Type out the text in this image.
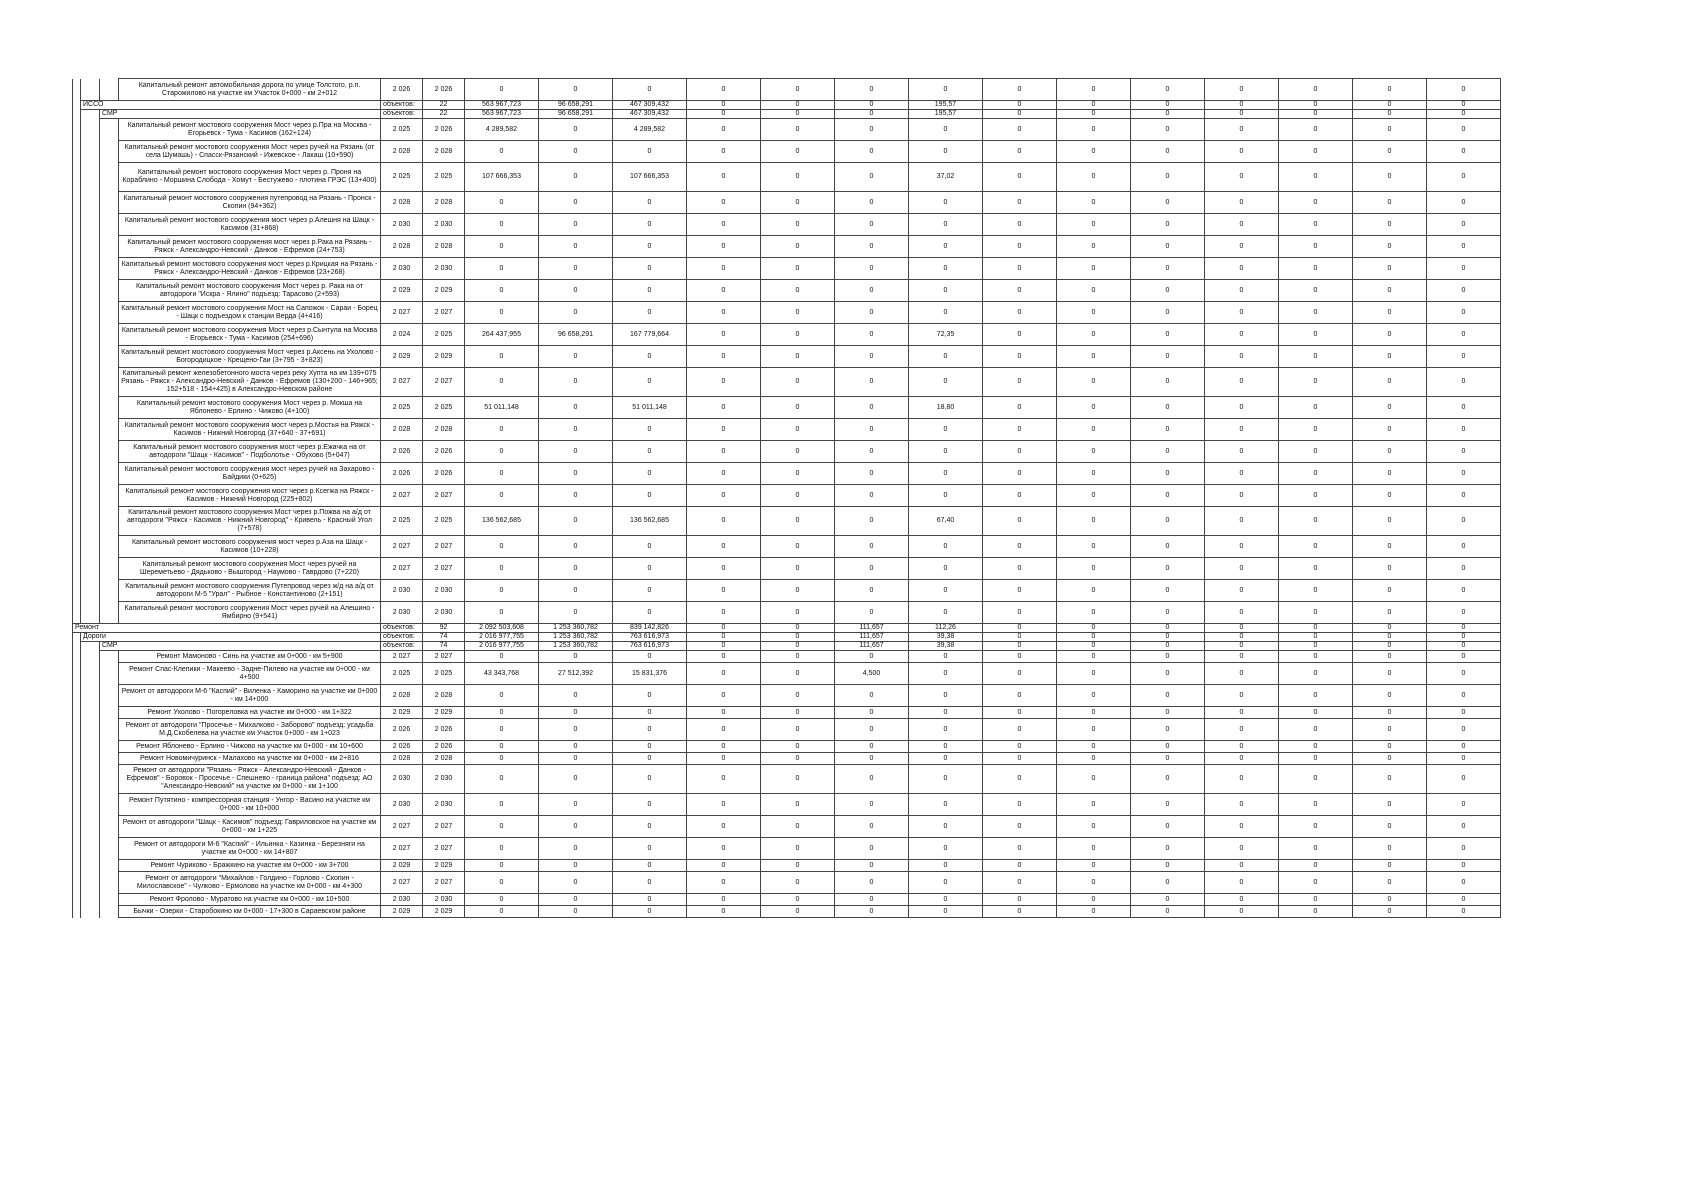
			Капитальный ремонт автомобильная дорога по улице Толстого, р.п. Старожилово на участке км Участок 0+000 - км 2+012	2 026	2 026	0	0	0	0	0	0	0	0	0	0	0	0	0	0
	ИССО			объектов:	22	563 967,723	96 658,291	467 309,432	0	0	0	195,57	0	0	0	0	0	0	0
		СМР		объектов:	22	563 967,723	96 658,291	467 309,432	0	0	0	195,57	0	0	0	0	0	0	0
			Капитальный ремонт мостового сооружения Мост через р.Пра на Москва - Егорьевск - Тума - Касимов (162+124)	2 025	2 026	4 289,582	0	4 289,582	0	0	0	0	0	0	0	0	0	0	0
			Капитальный ремонт мостового сооружения Мост через ручей на Рязань (от села Шумашь) - Спасск-Рязанский - Ижевское - Лакаш (10+590)	2 028	2 028	0	0	0	0	0	0	0	0	0	0	0	0	0	0
			Капитальный ремонт мостового сооружения Мост через р. Проня на Кораблино - Моршина Слобода - Хомут - Бестужево - плотина ГРЭС (13+400)	2 025	2 025	107 666,353	0	107 666,353	0	0	0	37,02	0	0	0	0	0	0	0
			Капитальный ремонт мостового сооружения путепровод на Рязань - Пронск - Скопин (94+362)	2 028	2 028	0	0	0	0	0	0	0	0	0	0	0	0	0	0
			Капитальный ремонт мостового сооружения мост через р.Алешня на Шацк - Касимов (31+868)	2 030	2 030	0	0	0	0	0	0	0	0	0	0	0	0	0	0
			Капитальный ремонт мостового сооружения мост через р.Рака на Рязань - Ряжск - Александро-Невский - Данков - Ефремов (24+753)	2 028	2 028	0	0	0	0	0	0	0	0	0	0	0	0	0	0
			Капитальный ремонт мостового сооружения мост через р.Крицкая на Рязань - Ряжск - Александро-Невский - Данков - Ефремов (23+268)	2 030	2 030	0	0	0	0	0	0	0	0	0	0	0	0	0	0
			Капитальный ремонт мостового сооружения Мост через р. Рака на от автодороги "Искра - Ялино" подъезд: Тарасово (2+593)	2 029	2 029	0	0	0	0	0	0	0	0	0	0	0	0	0	0
			Капитальный ремонт мостового сооружения Мост на Сапожок - Сараи - Борец - Шацк с подъездом к станции Верда (4+416)	2 027	2 027	0	0	0	0	0	0	0	0	0	0	0	0	0	0
			Капитальный ремонт мостового сооружения Мост через р.Сынтула на Москва - Егорьевск - Тума - Касимов (254+696)	2 024	2 025	264 437,955	96 658,291	167 779,664	0	0	0	72,35	0	0	0	0	0	0	0
			Капитальный ремонт мостового сооружения Мост через р.Аксень на Ухолово - Богородицкое - Крещено-Гаи (3+795 - 3+823)	2 029	2 029	0	0	0	0	0	0	0	0	0	0	0	0	0	0
			Капитальный ремонт железобетонного моста через реку Хупта на км 139+075 Рязань - Ряжск - Александро-Невский - Данков - Ефремов (130+200 - 146+965; 152+518 - 154+425) в Александро-Невском районе	2 027	2 027	0	0	0	0	0	0	0	0	0	0	0	0	0	0
			Капитальный ремонт мостового сооружения Мост через р. Мокша на Яблонево - Ерлино - Чижово (4+100)	2 025	2 025	51 011,148	0	51 011,148	0	0	0	18,80	0	0	0	0	0	0	0
			Капитальный ремонт мостового сооружения мост через р.Мостья на Ряжск - Касимов - Нижний Новгород (37+640 - 37+691)	2 028	2 028	0	0	0	0	0	0	0	0	0	0	0	0	0	0
			Капитальный ремонт мостового сооружения мост через р.Ежачка на от автодороги "Шацк - Касимов" - Подболотье - Обухово (5+047)	2 026	2 026	0	0	0	0	0	0	0	0	0	0	0	0	0	0
			Капитальный ремонт мостового сооружения мост через ручей на Захарово - Байдики (0+625)	2 026	2 026	0	0	0	0	0	0	0	0	0	0	0	0	0	0
			Капитальный ремонт мостового сооружения мост через р.Ксегжа на Ряжск - Касимов - Нижний Новгород (225+802)	2 027	2 027	0	0	0	0	0	0	0	0	0	0	0	0	0	0
			Капитальный ремонт мостового сооружения Мост через р.Пожва на а/д от автодороги "Ряжск - Касимов - Нижний Новгород" - Кривель - Красный Угол (7+578)	2 025	2 025	136 562,685	0	136 562,685	0	0	0	67,40	0	0	0	0	0	0	0
			Капитальный ремонт мостового сооружения мост через р.Аза на Шацк - Касимов (10+228)	2 027	2 027	0	0	0	0	0	0	0	0	0	0	0	0	0	0
			Капитальный ремонт мостового сооружения Мост через ручей на Шереметьево - Дядьково - Вышгород - Наумово - Гаврдово (7+220)	2 027	2 027	0	0	0	0	0	0	0	0	0	0	0	0	0	0
			Капитальный ремонт мостового сооружения Путепровод через ж/д на а/д от автодороги М-5 "Урал" - Рыбное - Константиново (2+151)	2 030	2 030	0	0	0	0	0	0	0	0	0	0	0	0	0	0
			Капитальный ремонт мостового сооружения Мост через ручей на Алешино - Ямбирно (9+541)	2 030	2 030	0	0	0	0	0	0	0	0	0	0	0	0	0	0
Ремонт				объектов:	92	2 092 503,608	1 253 360,782	839 142,826	0	0	111,657	112,26	0	0	0	0	0	0	0
	Дороги			объектов:	74	2 016 977,755	1 253 360,782	763 616,973	0	0	111,657	39,38	0	0	0	0	0	0	0
		СМР		объектов:	74	2 016 977,755	1 253 360,782	763 616,973	0	0	111,657	39,38	0	0	0	0	0	0	0
			Ремонт Мамоново - Синь на участке км 0+000 - км 5+900	2 027	2 027	0	0	0	0	0	0	0	0	0	0	0	0	0	0
			Ремонт Спас-Клепики - Макеево - Задне-Пилево на участке км 0+000 - км 4+500	2 025	2 025	43 343,768	27 512,392	15 831,376	0	0	4,500	0	0	0	0	0	0	0	0
			Ремонт от автодороги М-6 "Каспий" - Виленка - Каморино на участке км 0+000 - км 14+000	2 028	2 028	0	0	0	0	0	0	0	0	0	0	0	0	0	0
			Ремонт Ухолово - Погореловка на участке км 0+000 - км 1+322	2 029	2 029	0	0	0	0	0	0	0	0	0	0	0	0	0	0
			Ремонт от автодороги "Просечье - Михалково - Заборово" подъезд: усадьба М.Д.Скобелева на участке км Участок 0+000 - км 1+023	2 026	2 026	0	0	0	0	0	0	0	0	0	0	0	0	0	0
			Ремонт Яблонево - Ерлино - Чижово на участке км 0+000 - км 10+600	2 026	2 026	0	0	0	0	0	0	0	0	0	0	0	0	0	0
			Ремонт Новомичуринск - Малахово на участке км 0+000 - км 2+816	2 028	2 028	0	0	0	0	0	0	0	0	0	0	0	0	0	0
			Ремонт от автодороги "Рязань - Ряжск - Александро-Невский - Данков - Ефремов" - Боровок - Просечье - Спешнево - граница района" подъезд: АО "Александро-Невский" на участке км 0+000 - км 1+100	2 030	2 030	0	0	0	0	0	0	0	0	0	0	0	0	0	0
			Ремонт Путятино - компрессорная станция - Унгор - Васино на участке км 0+000 - км 10+000	2 030	2 030	0	0	0	0	0	0	0	0	0	0	0	0	0	0
			Ремонт от автодороги "Шацк - Касимов" подъезд: Гавриловское на участке км 0+000 - км 1+225	2 027	2 027	0	0	0	0	0	0	0	0	0	0	0	0	0	0
			Ремонт от автодороги М-6 "Каспий" - Ильинка - Казинка - Березняги на участке км 0+000 - км 14+807	2 027	2 027	0	0	0	0	0	0	0	0	0	0	0	0	0	0
			Ремонт Чуриково - Бражкино на участке км 0+000 - км 3+700	2 029	2 029	0	0	0	0	0	0	0	0	0	0	0	0	0	0
			Ремонт от автодороги "Михайлов - Голдино - Горлово - Скопин - Милославское" - Чулково - Ермолово на участке км 0+000 - км 4+300	2 027	2 027	0	0	0	0	0	0	0	0	0	0	0	0	0	0
			Ремонт Фролово - Муратово на участке км 0+000 - км 10+500	2 030	2 030	0	0	0	0	0	0	0	0	0	0	0	0	0	0
			Бычки - Озерки - Старобокино км 0+000 - 17+300 в Сараевском районе	2 029	2 029	0	0	0	0	0	0	0	0	0	0	0	0	0	0
